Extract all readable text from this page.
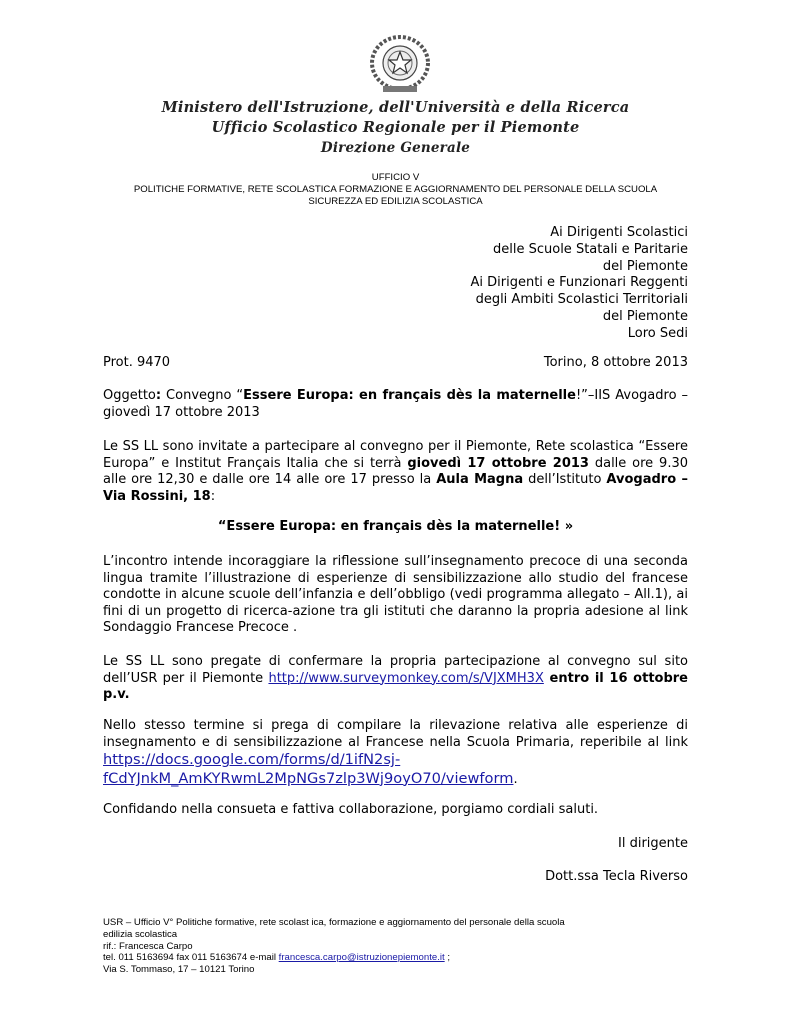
Ministero dell'Istruzione, dell'Università e della Ricerca
Ufficio Scolastico Regionale per il Piemonte
Direzione Generale
UFFICIO V
POLITICHE FORMATIVE, RETE SCOLASTICA FORMAZIONE E AGGIORNAMENTO DEL PERSONALE DELLA SCUOLA
SICUREZZA ED EDILIZIA SCOLASTICA
Ai Dirigenti Scolastici
delle Scuole Statali e Paritarie
del Piemonte
Ai Dirigenti e Funzionari Reggenti
degli Ambiti Scolastici Territoriali
del Piemonte
Loro Sedi
Prot. 9470	Torino, 8 ottobre 2013
Oggetto: Convegno “Essere Europa: en français dès la maternelle!”–IIS Avogadro – giovedì 17 ottobre 2013
Le SS LL sono invitate a partecipare al convegno per il Piemonte, Rete scolastica “Essere Europa” e Institut Français Italia che si terrà giovedì 17 ottobre 2013 dalle ore 9.30 alle ore 12,30 e dalle ore 14 alle ore 17 presso la Aula Magna dell’Istituto Avogadro – Via Rossini, 18:
“Essere Europa: en français dès la maternelle! »
L’incontro intende incoraggiare la riflessione sull’insegnamento precoce di una seconda lingua tramite l’illustrazione di esperienze di sensibilizzazione allo studio del francese condotte in alcune scuole dell’infanzia e dell’obbligo (vedi programma allegato – All.1), ai fini di un progetto di ricerca-azione tra gli istituti che daranno la propria adesione al link Sondaggio Francese Precoce .
Le SS LL sono pregate di confermare la propria partecipazione al convegno sul sito dell’USR per il Piemonte http://www.surveymonkey.com/s/VJXMH3X entro il 16 ottobre p.v.
Nello stesso termine si prega di compilare la rilevazione relativa alle esperienze di insegnamento e di sensibilizzazione al Francese nella Scuola Primaria, reperibile al link https://docs.google.com/forms/d/1ifN2sj-
fCdYJnkM_AmKYRwmL2MpNGs7zlp3Wj9oyO70/viewform.
Confidando nella consueta e fattiva collaborazione, porgiamo cordiali saluti.
Il dirigente
Dott.ssa Tecla Riverso
USR – Ufficio V° Politiche formative, rete scolast ica, formazione e aggiornamento del personale della scuola
edilizia scolastica
rif.: Francesca Carpo
tel. 011 5163694 fax 011 5163674 e-mail francesca.carpo@istruzionepiemonte.it ;
Via S. Tommaso, 17 – 10121 Torino
